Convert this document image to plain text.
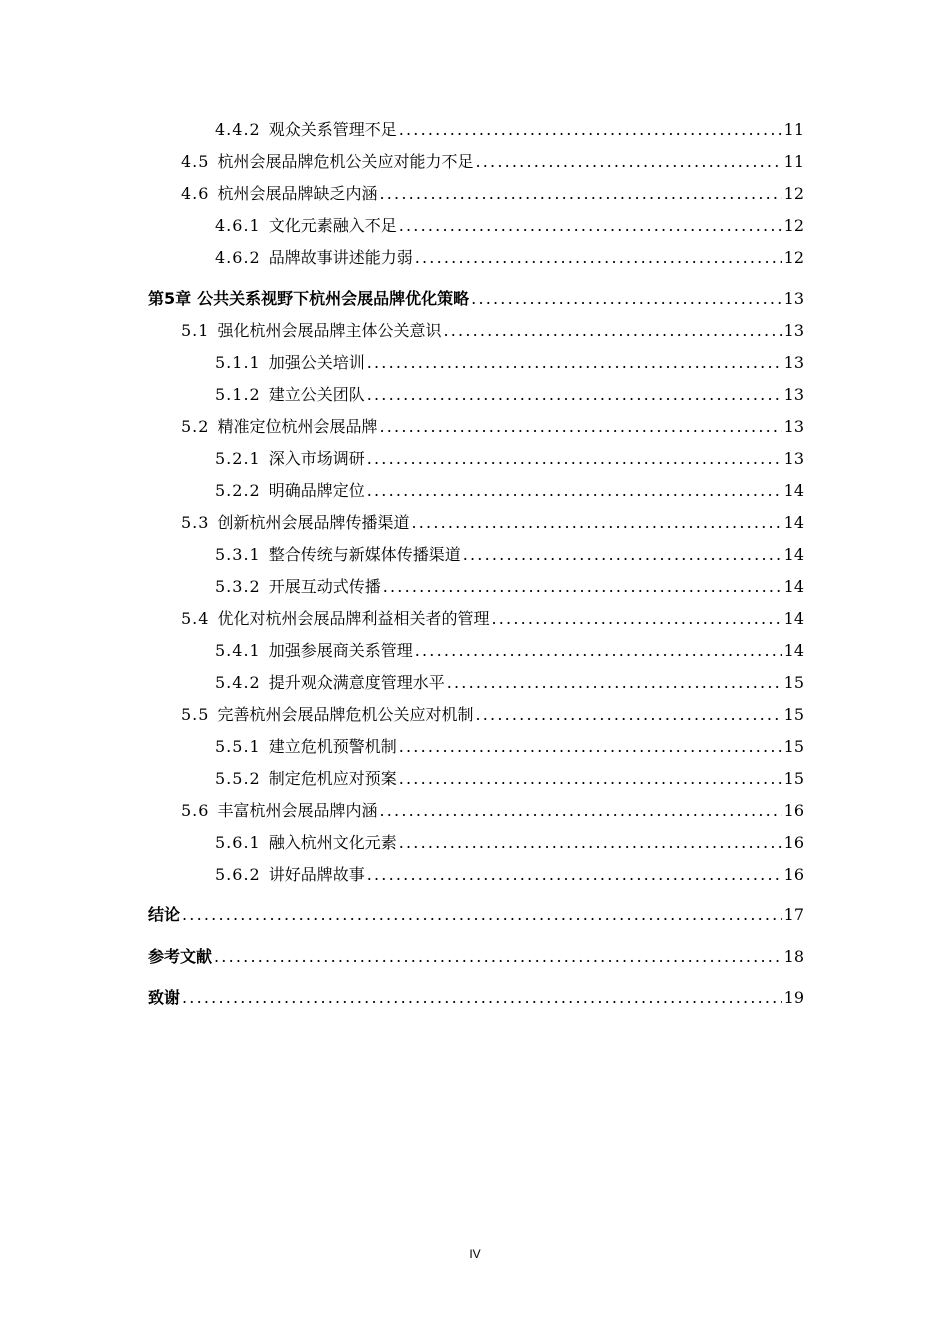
4.4.2 观众关系管理不足 .....	11
4.5 杭州会展品牌危机公关应对能力不足 .....	11
4.6 杭州会展品牌缺乏内涵 .....	12
4.6.1 文化元素融入不足 .....	12
4.6.2 品牌故事讲述能力弱 .....	12
第5章 公共关系视野下杭州会展品牌优化策略 .....	13
5.1 强化杭州会展品牌主体公关意识 .....	13
5.1.1 加强公关培训 .....	13
5.1.2 建立公关团队 .....	13
5.2 精准定位杭州会展品牌 .....	13
5.2.1 深入市场调研 .....	13
5.2.2 明确品牌定位 .....	14
5.3 创新杭州会展品牌传播渠道 .....	14
5.3.1 整合传统与新媒体传播渠道 .....	14
5.3.2 开展互动式传播 .....	14
5.4 优化对杭州会展品牌利益相关者的管理 .....	14
5.4.1 加强参展商关系管理 .....	14
5.4.2 提升观众满意度管理水平 .....	15
5.5 完善杭州会展品牌危机公关应对机制 .....	15
5.5.1 建立危机预警机制 .....	15
5.5.2 制定危机应对预案 .....	15
5.6 丰富杭州会展品牌内涵 .....	16
5.6.1 融入杭州文化元素 .....	16
5.6.2 讲好品牌故事 .....	16
结论 .....	17
参考文献 .....	18
致谢 .....	19
IV
